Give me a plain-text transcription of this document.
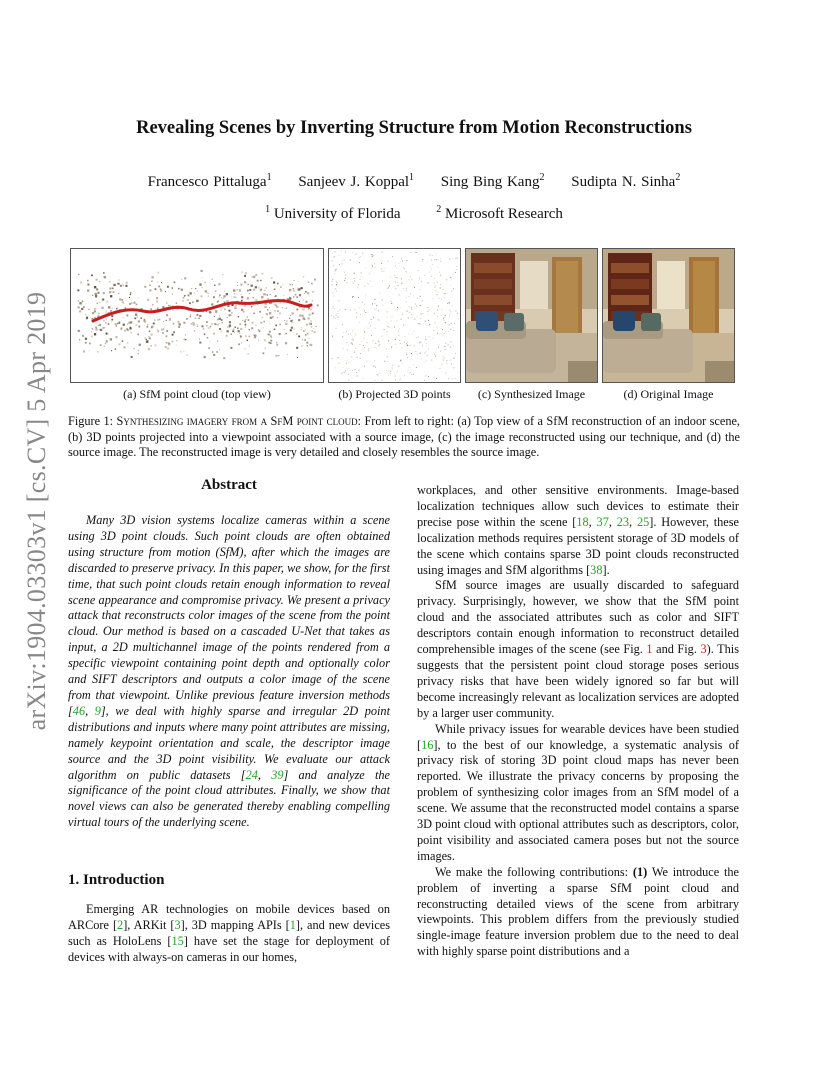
Revealing Scenes by Inverting Structure from Motion Reconstructions
Francesco Pittaluga$^1$ Sanjeev J. Koppal$^1$ Sing Bing Kang$^2$ Sudipta N. Sinha$^2$
$^1$ University of Florida	$^2$ Microsoft Research
arXiv:1904.03303v1 [cs.CV] 5 Apr 2019	(a) SfM point cloud (top view)	(b) Projected 3D points	(c) Synthesized Image	(d) Original Image
Figure 1: Synthesizing imagery from a SfM point cloud: From left to right: (a) Top view of a SfM reconstruction of an indoor scene, (b) 3D points projected into a viewpoint associated with a source image, (c) the image reconstructed using our technique, and (d) the source image. The reconstructed image is very detailed and closely resembles the source image.
Abstract
Many 3D vision systems localize cameras within a scene using 3D point clouds. Such point clouds are often obtained using structure from motion (SfM), after which the images are discarded to preserve privacy. In this paper, we show, for the first time, that such point clouds retain enough information to reveal scene appearance and compromise privacy. We present a privacy attack that reconstructs color images of the scene from the point cloud. Our method is based on a cascaded U-Net that takes as input, a 2D multichannel image of the points rendered from a specific viewpoint containing point depth and optionally color and SIFT descriptors and outputs a color image of the scene from that viewpoint. Unlike previous feature inversion methods [46, 9], we deal with highly sparse and irregular 2D point distributions and inputs where many point attributes are missing, namely keypoint orientation and scale, the descriptor image source and the 3D point visibility. We evaluate our attack algorithm on public datasets [24, 39] and analyze the significance of the point cloud attributes. Finally, we show that novel views can also be generated thereby enabling compelling virtual tours of the underlying scene.
1. Introduction
Emerging AR technologies on mobile devices based on ARCore [2], ARKit [3], 3D mapping APIs [1], and new devices such as HoloLens [15] have set the stage for deployment of devices with always-on cameras in our homes,

workplaces, and other sensitive environments. Image-based localization techniques allow such devices to estimate their precise pose within the scene [18, 37, 23, 25]. However, these localization methods requires persistent storage of 3D models of the scene which contains sparse 3D point clouds reconstructed using images and SfM algorithms [38].

SfM source images are usually discarded to safeguard privacy. Surprisingly, however, we show that the SfM point cloud and the associated attributes such as color and SIFT descriptors contain enough information to reconstruct detailed comprehensible images of the scene (see Fig. 1 and Fig. 3). This suggests that the persistent point cloud storage poses serious privacy risks that have been widely ignored so far but will become increasingly relevant as localization services are adopted by a larger user community.

While privacy issues for wearable devices have been studied [16], to the best of our knowledge, a systematic analysis of privacy risk of storing 3D point cloud maps has never been reported. We illustrate the privacy concerns by proposing the problem of synthesizing color images from an SfM model of a scene. We assume that the reconstructed model contains a sparse 3D point cloud with optional attributes such as descriptors, color, point visibility and associated camera poses but not the source images.

We make the following contributions: (1) We introduce the problem of inverting a sparse SfM point cloud and reconstructing detailed views of the scene from arbitrary viewpoints. This problem differs from the previously studied single-image feature inversion problem due to the need to deal with highly sparse point distributions and a
